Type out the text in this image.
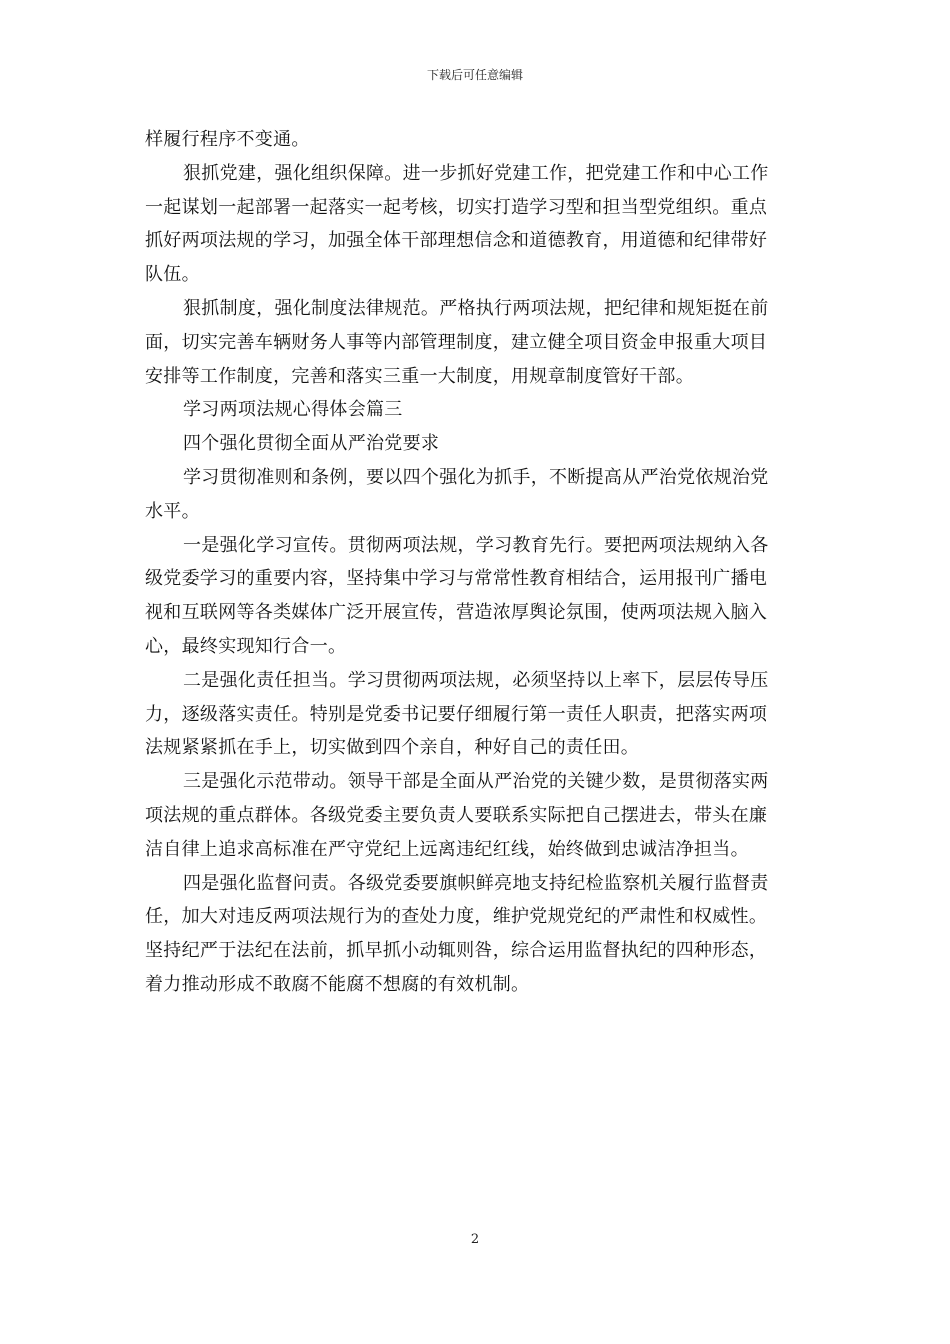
下载后可任意编辑

样履行程序不变通。

狠抓党建，强化组织保障。进一步抓好党建工作，把党建工作和中心工作

一起谋划一起部署一起落实一起考核，切实打造学习型和担当型党组织。重点

抓好两项法规的学习，加强全体干部理想信念和道德教育，用道德和纪律带好

队伍。

狠抓制度，强化制度法律规范。严格执行两项法规，把纪律和规矩挺在前

面，切实完善车辆财务人事等内部管理制度，建立健全项目资金申报重大项目

安排等工作制度，完善和落实三重一大制度，用规章制度管好干部。

学习两项法规心得体会篇三

四个强化贯彻全面从严治党要求

学习贯彻准则和条例，要以四个强化为抓手，不断提高从严治党依规治党

水平。

一是强化学习宣传。贯彻两项法规，学习教育先行。要把两项法规纳入各

级党委学习的重要内容，坚持集中学习与常常性教育相结合，运用报刊广播电

视和互联网等各类媒体广泛开展宣传，营造浓厚舆论氛围，使两项法规入脑入

心，最终实现知行合一。

二是强化责任担当。学习贯彻两项法规，必须坚持以上率下，层层传导压

力，逐级落实责任。特别是党委书记要仔细履行第一责任人职责，把落实两项

法规紧紧抓在手上，切实做到四个亲自，种好自己的责任田。

三是强化示范带动。领导干部是全面从严治党的关键少数，是贯彻落实两

项法规的重点群体。各级党委主要负责人要联系实际把自己摆进去，带头在廉

洁自律上追求高标准在严守党纪上远离违纪红线，始终做到忠诚洁净担当。

四是强化监督问责。各级党委要旗帜鲜亮地支持纪检监察机关履行监督责

任，加大对违反两项法规行为的查处力度，维护党规党纪的严肃性和权威性。

坚持纪严于法纪在法前，抓早抓小动辄则咎，综合运用监督执纪的四种形态，

着力推动形成不敢腐不能腐不想腐的有效机制。

2
